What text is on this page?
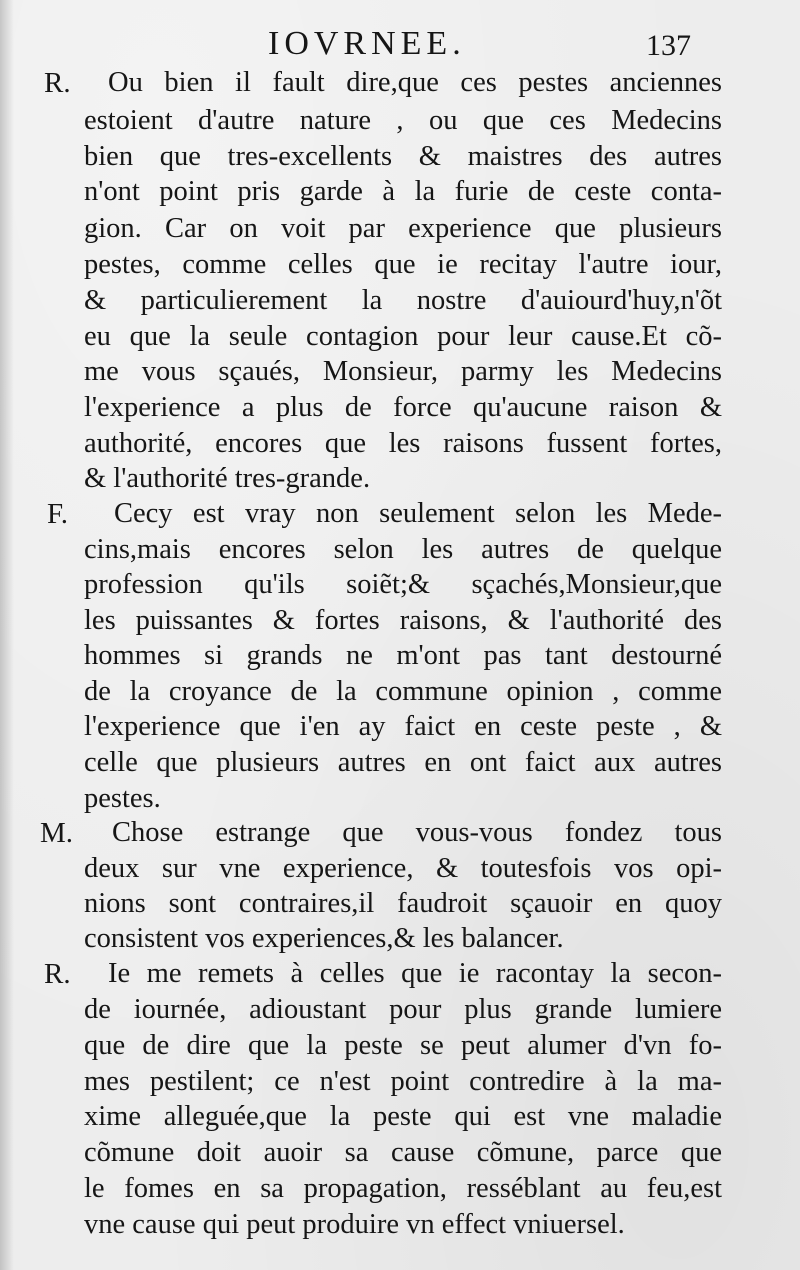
IOVRNEE.	137
R. Ou bien il fault dire,que ces pestes anciennes
estoient d'autre nature , ou que ces Medecins
bien que tres-excellents & maistres des autres
n'ont point pris garde à la furie de ceste conta-
gion. Car on voit par experience que plusieurs
pestes, comme celles que ie recitay l'autre iour,
& particulierement la nostre d'auiourd'huy,n'õt
eu que la seule contagion pour leur cause.Et cõ-
me vous sçaués, Monsieur, parmy les Medecins
l'experience a plus de force qu'aucune raison &
authorité, encores que les raisons fussent fortes,
& l'authorité tres-grande.
F. Cecy est vray non seulement selon les Mede-
cins,mais encores selon les autres de quelque
profession qu'ils soiẽt;& sçachés,Monsieur,que
les puissantes & fortes raisons, & l'authorité des
hommes si grands ne m'ont pas tant destourné
de la croyance de la commune opinion , comme
l'experience que i'en ay faict en ceste peste , &
celle que plusieurs autres en ont faict aux autres
pestes.
M. Chose estrange que vous-vous fondez tous
deux sur vne experience, & toutesfois vos opi-
nions sont contraires,il faudroit sçauoir en quoy
consistent vos experiences,& les balancer.
R. Ie me remets à celles que ie racontay la secon-
de iournée, adioustant pour plus grande lumiere
que de dire que la peste se peut alumer d'vn fo-
mes pestilent; ce n'est point contredire à la ma-
xime alleguée,que la peste qui est vne maladie
cõmune doit auoir sa cause cõmune, parce que
le fomes en sa propagation, resséblant au feu,est
vne cause qui peut produire vn effect vniuersel.
